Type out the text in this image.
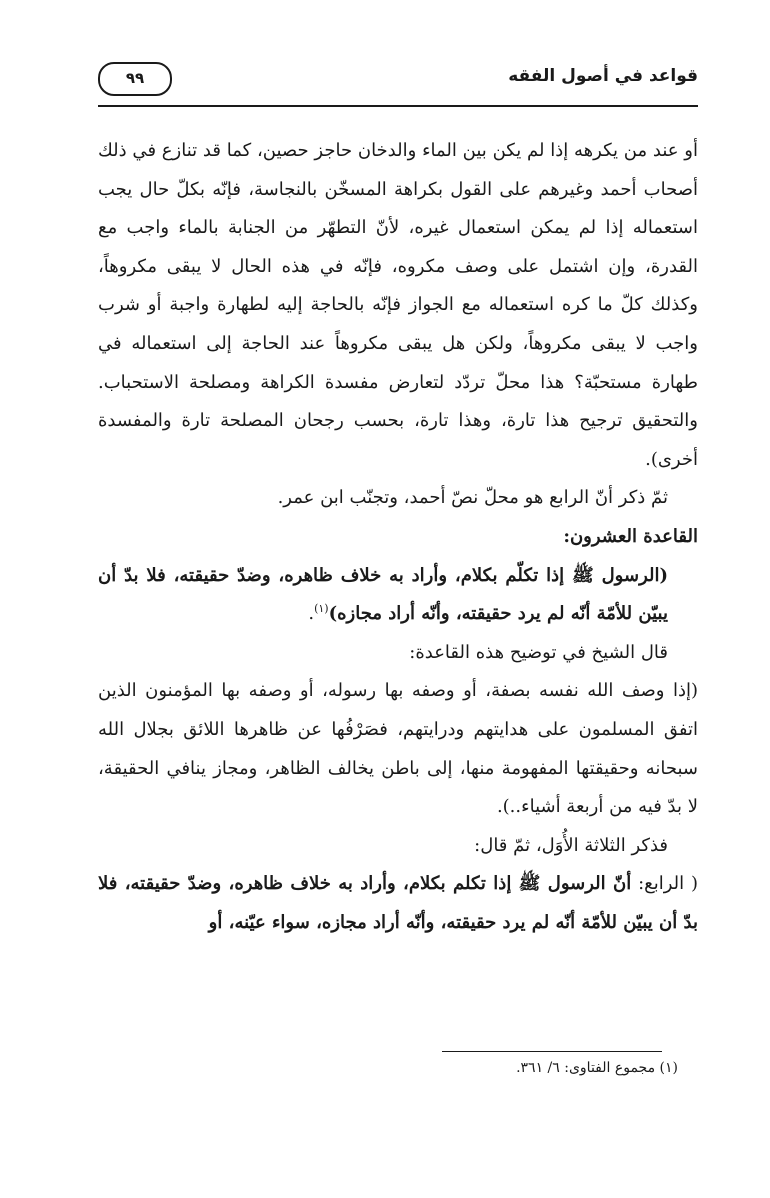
قواعد في أصول الفقه
٩٩

أو عند من يكرهه إذا لم يكن بين الماء والدخان حاجز حصين، كما قد تنازع في ذلك أصحاب أحمد وغيرهم على القول بكراهة المسخّن بالنجاسة، فإنّه بكلّ حال يجب استعماله إذا لم يمكن استعمال غيره، لأنّ التطهّر من الجنابة بالماء واجب مع القدرة، وإن اشتمل على وصف مكروه، فإنّه في هذه الحال لا يبقى مكروهاً، وكذلك كلّ ما كره استعماله مع الجواز فإنّه بالحاجة إليه لطهارة واجبة أو شرب واجب لا يبقى مكروهاً، ولكن هل يبقى مكروهاً عند الحاجة إلى استعماله في طهارة مستحبّة؟ هذا محلّ تردّد لتعارض مفسدة الكراهة ومصلحة الاستحباب. والتحقيق ترجيح هذا تارة، وهذا تارة، بحسب رجحان المصلحة تارة والمفسدة أخرى).

ثمّ ذكر أنّ الرابع هو محلّ نصّ أحمد، وتجنّب ابن عمر.

القاعدة العشرون:

(الرسول ﷺ إذا تكلّم بكلام، وأراد به خلاف ظاهره، وضدّ حقيقته، فلا بدّ أن يبيّن للأمّة أنّه لم يرد حقيقته، وأنّه أراد مجازه)$^{(١)}$.

قال الشيخ في توضيح هذه القاعدة:

(إذا وصف الله نفسه بصفة، أو وصفه بها رسوله، أو وصفه بها المؤمنون الذين اتفق المسلمون على هدايتهم ودرايتهم، فصَرْفُها عن ظاهرها اللائق بجلال الله سبحانه وحقيقتها المفهومة منها، إلى باطن يخالف الظاهر، ومجاز ينافي الحقيقة، لا بدّ فيه من أربعة أشياء..).

فذكر الثلاثة الأُوَل، ثمّ قال:

( الرابع: أنّ الرسول ﷺ إذا تكلم بكلام، وأراد به خلاف ظاهره، وضدّ حقيقته، فلا بدّ أن يبيّن للأمّة أنّه لم يرد حقيقته، وأنّه أراد مجازه، سواء عيّنه، أو

(١) مجموع الفتاوى: ٦/ ٣٦١.
